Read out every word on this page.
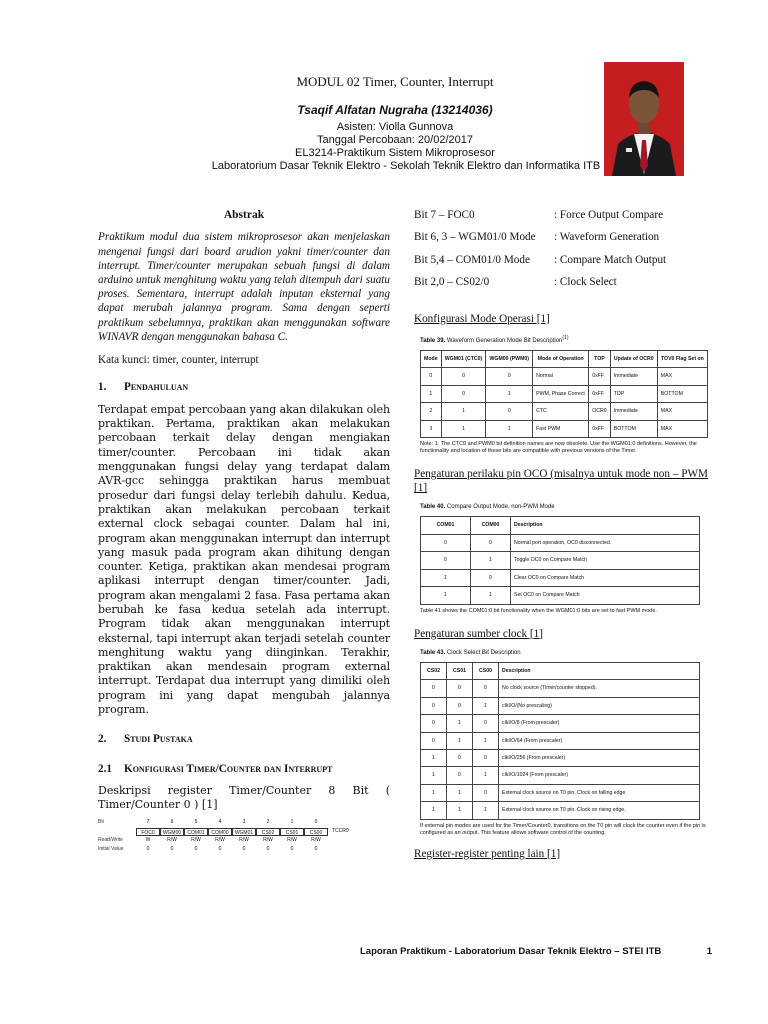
MODUL 02 Timer, Counter, Interrupt
Tsaqif Alfatan Nugraha (13214036)
Asisten: Violla Gunnova
Tanggal Percobaan: 20/02/2017
EL3214-Praktikum Sistem Mikroprosesor
Laboratorium Dasar Teknik Elektro - Sekolah Teknik Elektro dan Informatika ITB
Abstrak
Praktikum modul dua sistem mikroprosesor akan menjelaskan mengenai fungsi dari board arudion yakni timer/counter dan interrupt. Timer/counter merupakan sebuah fungsi di dalam arduino untuk menghitung waktu yang telah ditempuh dari suatu proses. Sementara, interrupt adalah inputan eksternal yang dapat merubah jalannya program. Sama dengan seperti praktikum sebelumnya, praktikan akan menggunakan software WINAVR dengan menggunakan bahasa C.
Kata kunci: timer, counter, interrupt
1.	Pendahuluan
Terdapat empat percobaan yang akan dilakukan oleh praktikan. Pertama, praktikan akan melakukan percobaan terkait delay dengan mengiakan timer/counter. Percobaan ini tidak akan menggunakan fungsi delay yang terdapat dalam AVR-gcc sehingga praktikan harus membuat prosedur dari fungsi delay terlebih dahulu. Kedua, praktikan akan melakukan percobaan terkait external clock sebagai counter. Dalam hal ini, program akan menggunakan interrupt dan interrupt yang masuk pada program akan dihitung dengan counter. Ketiga, praktikan akan mendesai program aplikasi interrupt dengan timer/counter. Jadi, program akan mengalami 2 fasa. Fasa pertama akan berubah ke fasa kedua setelah ada interrupt. Program tidak akan menggunakan interrupt eksternal, tapi interrupt akan terjadi setelah counter menghitung waktu yang diinginkan. Terakhir, praktikan akan mendesain program external interrupt. Terdapat dua interrupt yang dimiliki oleh program ini yang dapat mengubah jalannya program.
2.	Studi Pustaka
2.1	Konfigurasi Timer/Counter dan Interrupt
Deskripsi register Timer/Counter 8 Bit ( Timer/Counter 0 ) [1]
Bit	7	6	5	4	3	2	1	0
FOC0	WGM00	COM01	COM00	WGM01	CS02	CS01	CS00	TCCR0
Read/Write	W	R/W	R/W	R/W	R/W	R/W	R/W	R/W
Initial Value	0	0	0	0	0	0	0	0
Bit 7 – FOC0	: Force Output Compare
Bit 6, 3 – WGM01/0 Mode	: Waveform Generation
Bit 5,4 – COM01/0 Mode	: Compare Match Output
Bit 2,0 – CS02/0	: Clock Select
Konfigurasi Mode Operasi [1]
Table 39. Waveform Generation Mode Bit Description$^{(1)}$
Mode	WGM01 (CTC0)	WGM00 (PWM0)	Mode of Operation	TOP	Update of OCR0	TOV0 Flag Set on
0	0	0	Normal	0xFF	Immediate	MAX
1	0	1	PWM, Phase Correct	0xFF	TOP	BOTTOM
2	1	0	CTC	OCR0	Immediate	MAX
3	1	1	Fast PWM	0xFF	BOTTOM	MAX
Note: 1. The CTC0 and PWM0 bit definition names are now obsolete. Use the WGM01:0 definitions. However, the functionality and location of these bits are compatible with previous versions of the Timer.
Pengaturan perilaku pin OCO (misalnya untuk mode non – PWM [1]
Table 40. Compare Output Mode, non-PWM Mode
COM01	COM00	Description
0	0	Normal port operation, OC0 disconnected.
0	1	Toggle OC0 on Compare Match
1	0	Clear OC0 on Compare Match
1	1	Set OC0 on Compare Match
Table 41 shows the COM01:0 bit functionality when the WGM01:0 bits are set to fast PWM mode.
Pengaturan sumber clock [1]
Table 43. Clock Select Bit Description
CS02	CS01	CS00	Description
0	0	0	No clock source (Timer/counter stopped).
0	0	1	clkI/O/(No prescaling)
0	1	0	clkI/O/8 (From prescaler)
0	1	1	clkI/O/64 (From prescaler)
1	0	0	clkI/O/256 (From prescaler)
1	0	1	clkI/O/1024 (From prescaler)
1	1	0	External clock source on T0 pin. Clock on falling edge.
1	1	1	External clock source on T0 pin. Clock on rising edge.
If external pin modes are used for the Timer/Counter0, transitions on the T0 pin will clock the counter even if the pin is configured as an output. This feature allows software control of the counting.
Register-register penting lain [1]
Laporan Praktikum - Laboratorium Dasar Teknik Elektro – STEI ITB	1
